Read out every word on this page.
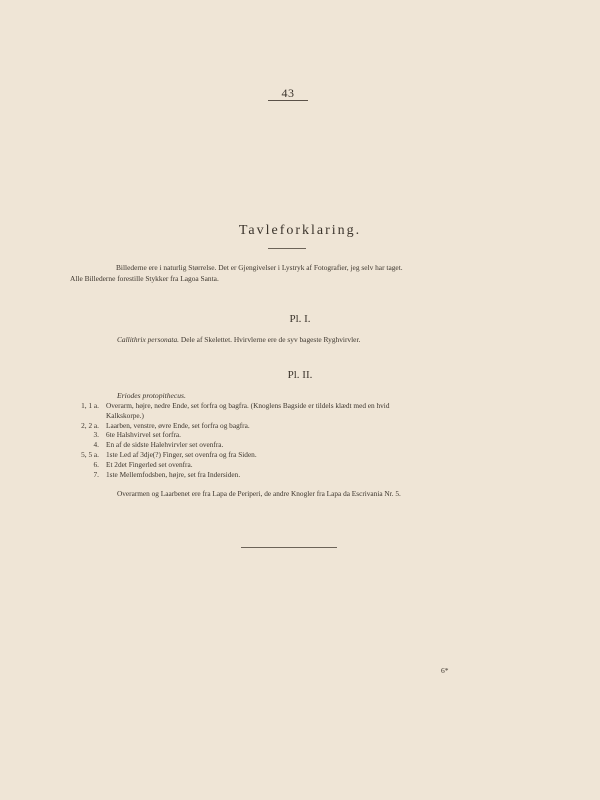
43
Tavleforklaring.
Billederne ere i naturlig Størrelse. Det er Gjengivelser i Lystryk af Fotografier, jeg selv har taget.
Alle Billederne forestille Stykker fra Lagoa Santa.
Pl. I.
Callithrix personata. Dele af Skelettet. Hvirvlerne ere de syv bageste Ryghvirvler.
Pl. II.
Eriodes protopithecus.
1, 1 a. Overarm, højre, nedre Ende, set forfra og bagfra. (Knoglens Bagside er tildels klædt med en hvid
Kalkskorpe.)
2, 2 a. Laarben, venstre, øvre Ende, set forfra og bagfra.
3. 6te Halshvirvel set forfra.
4. En af de sidste Halehvirvler set ovenfra.
5, 5 a. 1ste Led af 3dje(?) Finger, set ovenfra og fra Siden.
6. Et 2det Fingerled set ovenfra.
7. 1ste Mellemfodsben, højre, set fra Indersiden.
Overarmen og Laarbenet ere fra Lapa de Periperi, de andre Knogler fra Lapa da Escrivania Nr. 5.
6*
